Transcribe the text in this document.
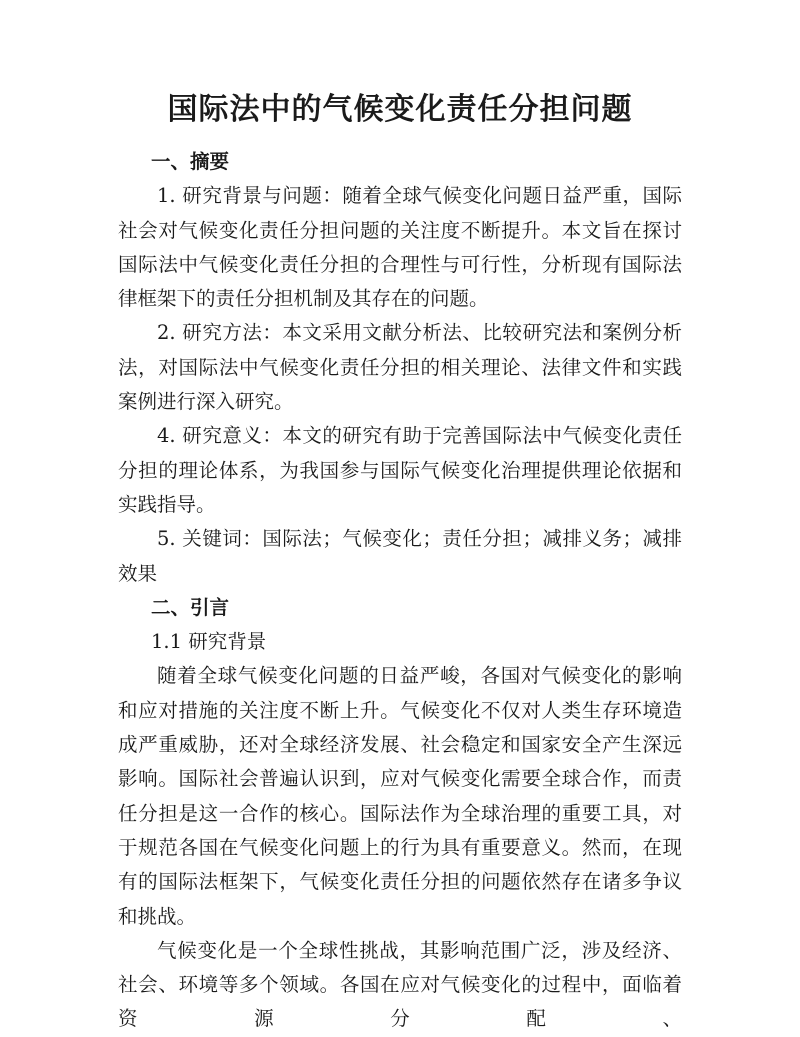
国际法中的气候变化责任分担问题

一、摘要

1. 研究背景与问题：随着全球气候变化问题日益严重，国际社会对气候变化责任分担问题的关注度不断提升。本文旨在探讨国际法中气候变化责任分担的合理性与可行性，分析现有国际法律框架下的责任分担机制及其存在的问题。

2. 研究方法：本文采用文献分析法、比较研究法和案例分析法，对国际法中气候变化责任分担的相关理论、法律文件和实践案例进行深入研究。

4. 研究意义：本文的研究有助于完善国际法中气候变化责任分担的理论体系，为我国参与国际气候变化治理提供理论依据和实践指导。

5. 关键词：国际法；气候变化；责任分担；减排义务；减排效果

二、引言

1.1 研究背景

随着全球气候变化问题的日益严峻，各国对气候变化的影响和应对措施的关注度不断上升。气候变化不仅对人类生存环境造成严重威胁，还对全球经济发展、社会稳定和国家安全产生深远影响。国际社会普遍认识到，应对气候变化需要全球合作，而责任分担是这一合作的核心。国际法作为全球治理的重要工具，对于规范各国在气候变化问题上的行为具有重要意义。然而，在现有的国际法框架下，气候变化责任分担的问题依然存在诸多争议和挑战。

气候变化是一个全球性挑战，其影响范围广泛，涉及经济、社会、环境等多个领域。各国在应对气候变化的过程中，面临着资源分配、
